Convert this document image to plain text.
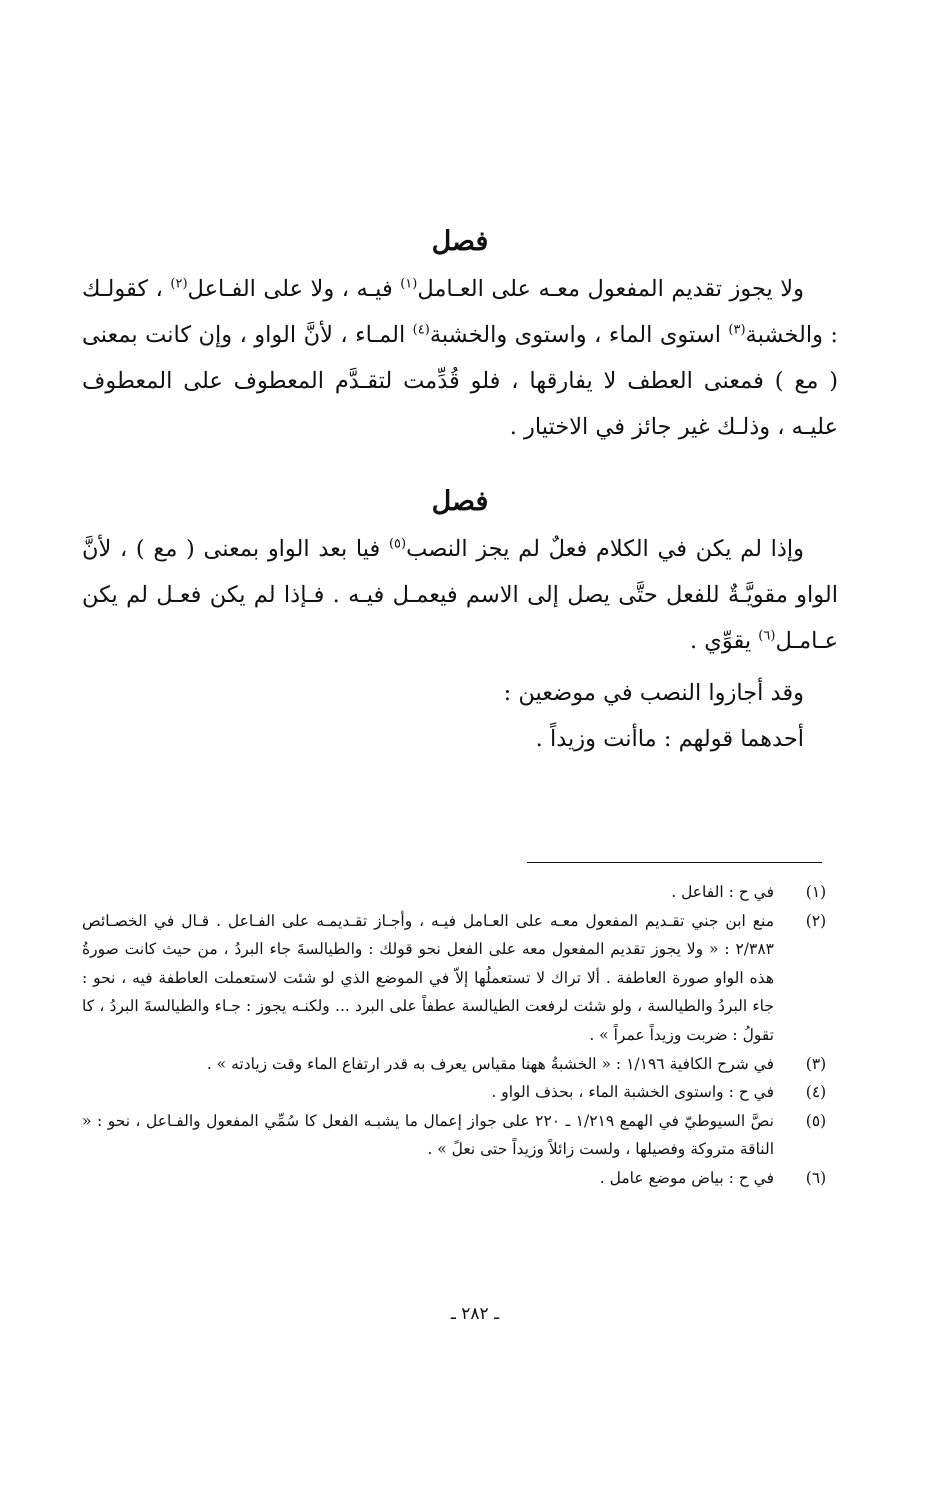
فصل

ولا يجوز تقديم المفعول معـه على العـامل$^{(١)}$ فيـه ، ولا على الفـاعل$^{(٢)}$ ، كقولـك : والخشبة$^{(٣)}$ استوى الماء ، واستوى والخشبة$^{(٤)}$ المـاء ، لأنَّ الواو ، وإن كانت بمعنى ( مع ) فمعنى العطف لا يفارقها ، فلو قُدِّمت لتقـدَّم المعطوف على المعطوف عليـه ، وذلـك غير جائز في الاختيار .

فصل

وإذا لم يكن في الكلام فعلٌ لم يجز النصب$^{(٥)}$ فيا بعد الواو بمعنى ( مع ) ، لأنَّ الواو مقويَّـةٌ للفعل حتَّى يصل إلى الاسم فيعمـل فيـه . فـإذا لم يكن فعـل لم يكن عـامـل$^{(٦)}$ يقوِّي .

وقد أجازوا النصب في موضعين :

أحدهما قولهم : ماأنت وزيداً .

(١)
في ح : الفاعل .

(٢)
منع ابن جني تقـديم المفعول معـه على العـامل فيـه ، وأجـاز تقـديمـه على الفـاعل . قـال في الخصـائص ٢/٣٨٣ : « ولا يجوز تقديم المفعول معه على الفعل نحو قولك : والطيالسةَ جاء البردُ ، من حيث كانت صورةُ هذه الواو صورة العاطفة . ألا تراك لا تستعملُها إلاّ في الموضع الذي لو شئت لاستعملت العاطفة فيه ، نحو : جاء البردُ والطيالسة ، ولو شئت لرفعت الطيالسة عطفاً على البرد ... ولكنـه يجوز : جـاء والطيالسةَ البردُ ، كا تقولُ : ضربت وزيداً عمراً » .

(٣)
في شرح الكافية ١/١٩٦ : « الخشبةُ ههنا مقياس يعرف به قدر ارتفاع الماء وقت زيادته » .

(٤)
في ح : واستوى الخشبة الماء ، بحذف الواو .

(٥)
نصَّ السيوطيّ في الهمع ١/٢١٩ ـ ٢٢٠ على جواز إعمال ما يشبـه الفعل كا سُمِّي المفعول والفـاعل ، نحو : « الناقة متروكة وفصيلها ، ولست زائلاً وزيداً حتى نعلً » .

(٦)
في ح : بياض موضع عامل .

ـ ٢٨٢ ـ
